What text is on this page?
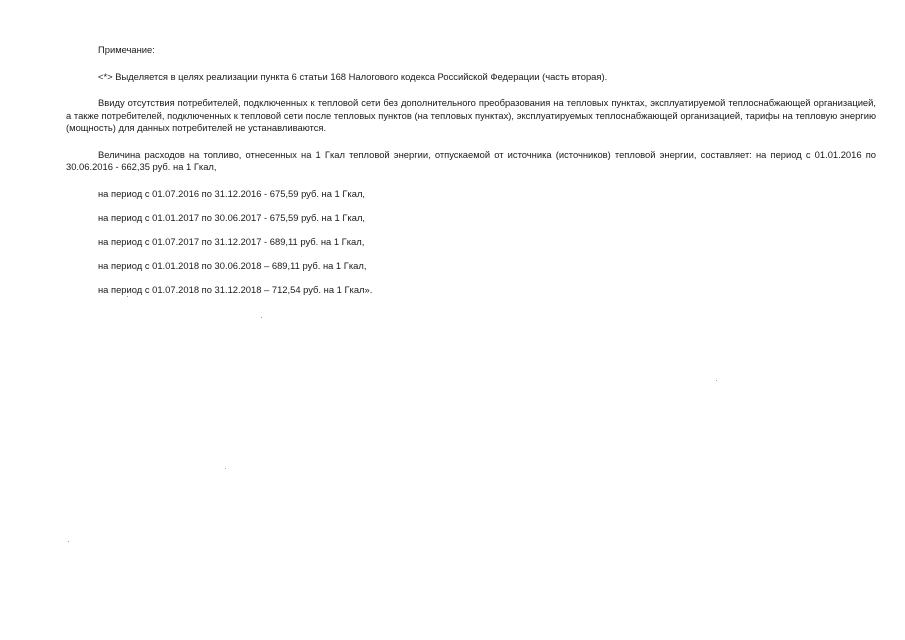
Примечание:

<*> Выделяется в целях реализации пункта 6 статьи 168 Налогового кодекса Российской Федерации (часть вторая).

Ввиду отсутствия потребителей, подключенных к тепловой сети без дополнительного преобразования на тепловых пунктах, эксплуатируемой теплоснабжающей организацией, а также потребителей, подключенных к тепловой сети после тепловых пунктов (на тепловых пунктах), эксплуатируемых теплоснабжающей организацией, тарифы на тепловую энергию (мощность) для данных потребителей не устанавливаются.

Величина расходов на топливо, отнесенных на 1 Гкал тепловой энергии, отпускаемой от источника (источников) тепловой энергии, составляет: на период с 01.01.2016 по 30.06.2016 - 662,35 руб. на 1 Гкал,

на период с 01.07.2016 по 31.12.2016 - 675,59 руб. на 1 Гкал,
на период с 01.01.2017 по 30.06.2017 - 675,59 руб. на 1 Гкал,
на период с 01.07.2017 по 31.12.2017 - 689,11 руб. на 1 Гкал,
на период с 01.01.2018 по 30.06.2018 – 689,11 руб. на 1 Гкал,
на период с 01.07.2018 по 31.12.2018 – 712,54 руб. на 1 Гкал».
